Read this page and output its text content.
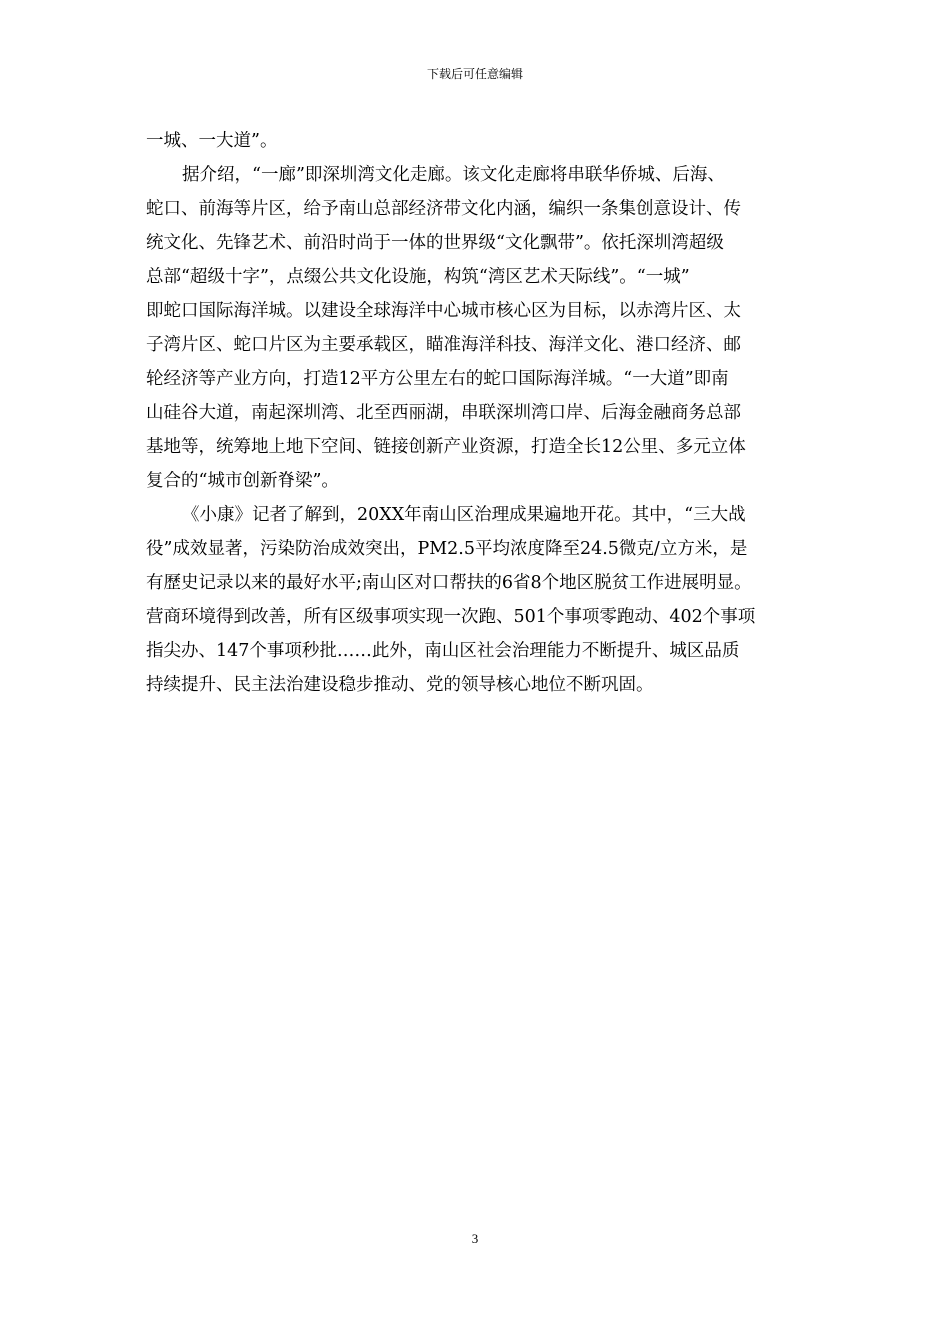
下载后可任意编辑
一城、一大道”。
据介绍，“一廊”即深圳湾文化走廊。该文化走廊将串联华侨城、后海、
蛇口、前海等片区，给予南山总部经济带文化内涵，编织一条集创意设计、传
统文化、先锋艺术、前沿时尚于一体的世界级“文化飘带”。依托深圳湾超级
总部“超级十字”，点缀公共文化设施，构筑“湾区艺术天际线”。“一城”
即蛇口国际海洋城。以建设全球海洋中心城市核心区为目标，以赤湾片区、太
子湾片区、蛇口片区为主要承载区，瞄准海洋科技、海洋文化、港口经济、邮
轮经济等产业方向，打造12平方公里左右的蛇口国际海洋城。“一大道”即南
山硅谷大道，南起深圳湾、北至西丽湖，串联深圳湾口岸、后海金融商务总部
基地等，统筹地上地下空间、链接创新产业资源，打造全长12公里、多元立体
复合的“城市创新脊梁”。
《小康》记者了解到，20XX年南山区治理成果遍地开花。其中，“三大战
役”成效显著，污染防治成效突出，PM2.5平均浓度降至24.5微克/立方米，是
有歷史记录以来的最好水平;南山区对口帮扶的6省8个地区脱贫工作进展明显。
营商环境得到改善，所有区级事项实现一次跑、501个事项零跑动、402个事项
指尖办、147个事项秒批……此外，南山区社会治理能力不断提升、城区品质
持续提升、民主法治建设稳步推动、党的领导核心地位不断巩固。
3
